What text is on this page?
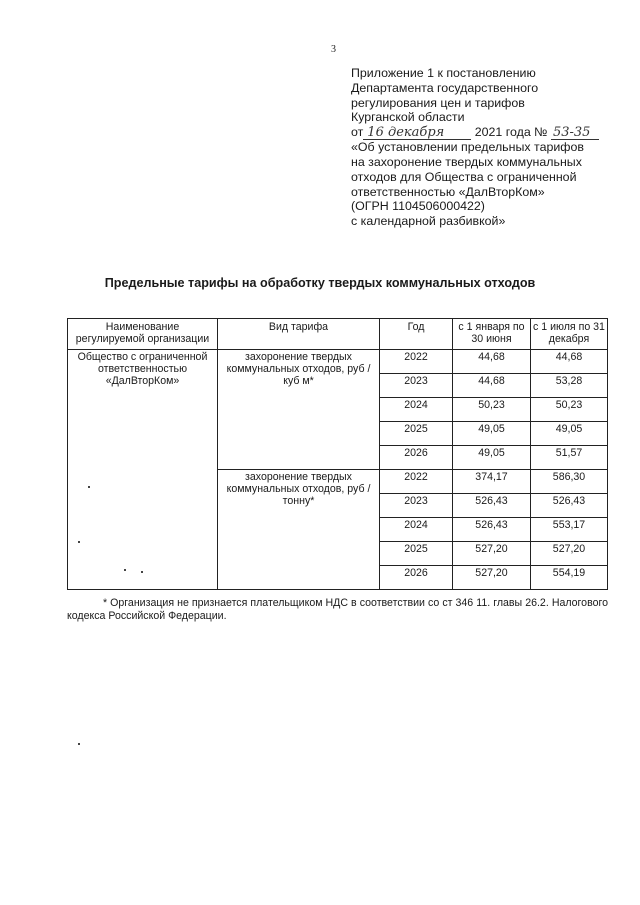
3
Приложение 1 к постановлению
Департамента государственного
регулирования цен и тарифов
Курганской области
от 16 декабря 2021 года № 53-35
«Об установлении предельных тарифов
на захоронение твердых коммунальных
отходов для Общества с ограниченной
ответственностью «ДалВторКом»
(ОГРН 1104506000422)
с календарной разбивкой»
Предельные тарифы на обработку твердых коммунальных отходов
Наименование регулируемой организации	Вид тарифа	Год	с 1 января по 30 июня	с 1 июля по 31 декабря
Общество с ограниченной ответственностью «ДалВторКом»	захоронение твердых коммунальных отходов, руб /куб м*	2022	44,68	44,68
		2023	44,68	53,28
		2024	50,23	50,23
		2025	49,05	49,05
		2026	49,05	51,57
	захоронение твердых коммунальных отходов, руб /тонну*	2022	374,17	586,30
		2023	526,43	526,43
		2024	526,43	553,17
		2025	527,20	527,20
		2026	527,20	554,19
* Организация не признается плательщиком НДС в соответствии со ст 346 11. главы 26.2. Налогового кодекса Российской Федерации.
